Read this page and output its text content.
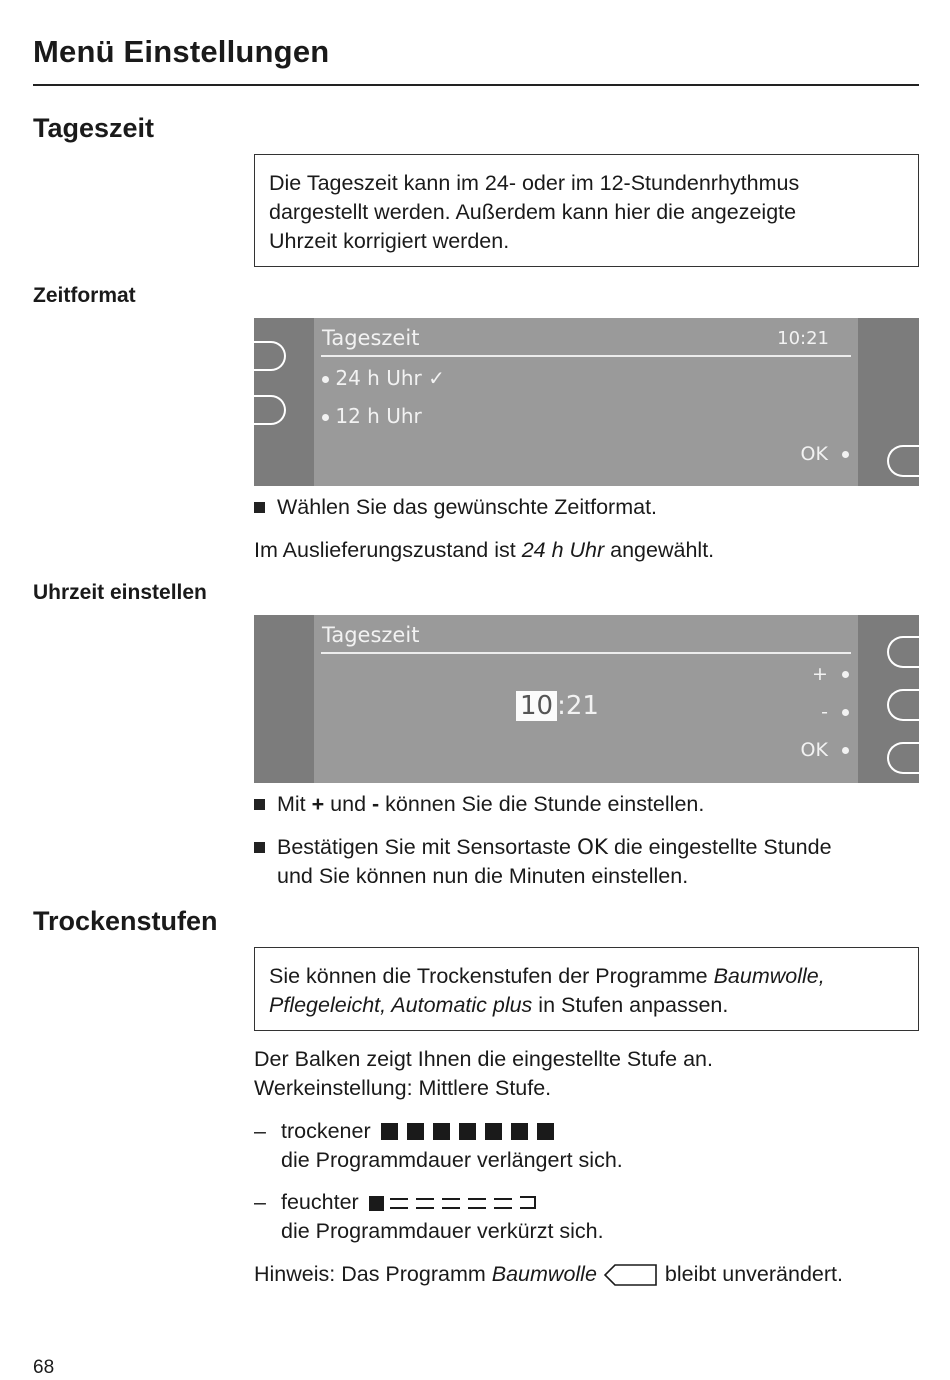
Menü Einstellungen
Tageszeit

Die Tageszeit kann im 24- oder im 12-Stundenrhythmus

dargestellt werden. Außerdem kann hier die angezeigte

Uhrzeit korrigiert werden.

Zeitformat
Tageszeit	10:21
24 h Uhr ✓
12 h Uhr
OK
Wählen Sie das gewünschte Zeitformat.
Im Auslieferungszustand ist 24 h Uhr angewählt.
Uhrzeit einstellen
Tageszeit
10 :21
+
-
OK
Mit + und - können Sie die Stunde einstellen.
Bestätigen Sie mit Sensortaste OK die eingestellte Stunde
und Sie können nun die Minuten einstellen.
Trockenstufen

Sie können die Trockenstufen der Programme Baumwolle,

Pflegeleicht, Automatic plus in Stufen anpassen.

Der Balken zeigt Ihnen die eingestellte Stufe an.

Werkeinstellung: Mittlere Stufe.

– trockener
die Programmdauer verlängert sich.
– feuchter
die Programmdauer verkürzt sich.
Hinweis: Das Programm Baumwolle	bleibt unverändert.
68
